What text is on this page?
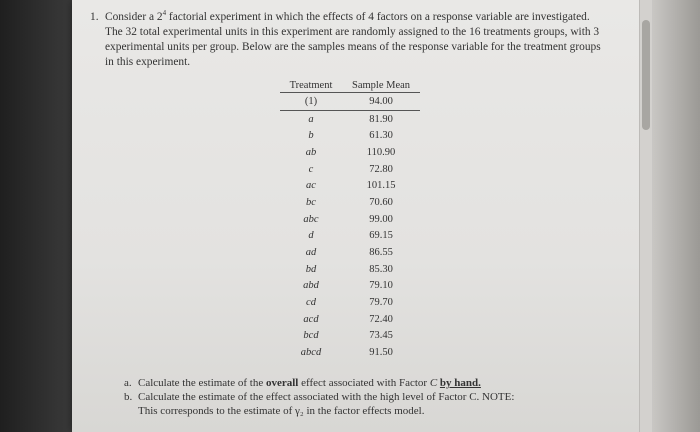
1. Consider a $2^4$ factorial experiment in which the effects of 4 factors on a response variable are investigated. The 32 total experimental units in this experiment are randomly assigned to the 16 treatments groups, with 3 experimental units per group. Below are the samples means of the response variable for the treatment groups in this experiment.
Treatment	Sample Mean
(1)	94.00
a	81.90
b	61.30
ab	110.90
c	72.80
ac	101.15
bc	70.60
abc	99.00
d	69.15
ad	86.55
bd	85.30
abd	79.10
cd	79.70
acd	72.40
bcd	73.45
abcd	91.50
a. Calculate the estimate of the overall effect associated with Factor C by hand.
b. Calculate the estimate of the effect associated with the high level of Factor C. NOTE:
This corresponds to the estimate of γ₂ in the factor effects model.
